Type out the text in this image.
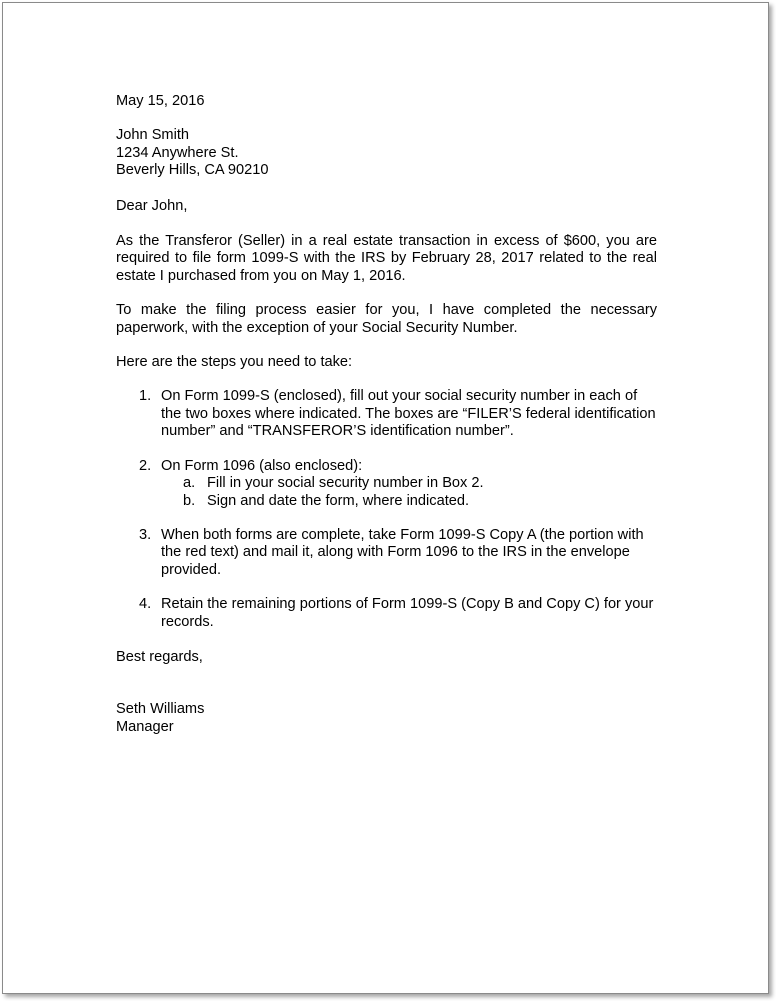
May 15, 2016

John Smith

1234 Anywhere St.

Beverly Hills, CA 90210

Dear John,

As the Transferor (Seller) in a real estate transaction in excess of $600, you are required to file form 1099-S with the IRS by February 28, 2017 related to the real estate I purchased from you on May 1, 2016.

To make the filing process easier for you, I have completed the necessary paperwork, with the exception of your Social Security Number.

Here are the steps you need to take:

1. On Form 1099-S (enclosed), fill out your social security number in each of the two boxes where indicated. The boxes are “FILER’S federal identification number” and “TRANSFEROR’S identification number”.
2. On Form 1096 (also enclosed):
a. Fill in your social security number in Box 2.
b. Sign and date the form, where indicated.
3. When both forms are complete, take Form 1099-S Copy A (the portion with the red text) and mail it, along with Form 1096 to the IRS in the envelope provided.
4. Retain the remaining portions of Form 1099-S (Copy B and Copy C) for your records.

Best regards,

Seth Williams

Manager
